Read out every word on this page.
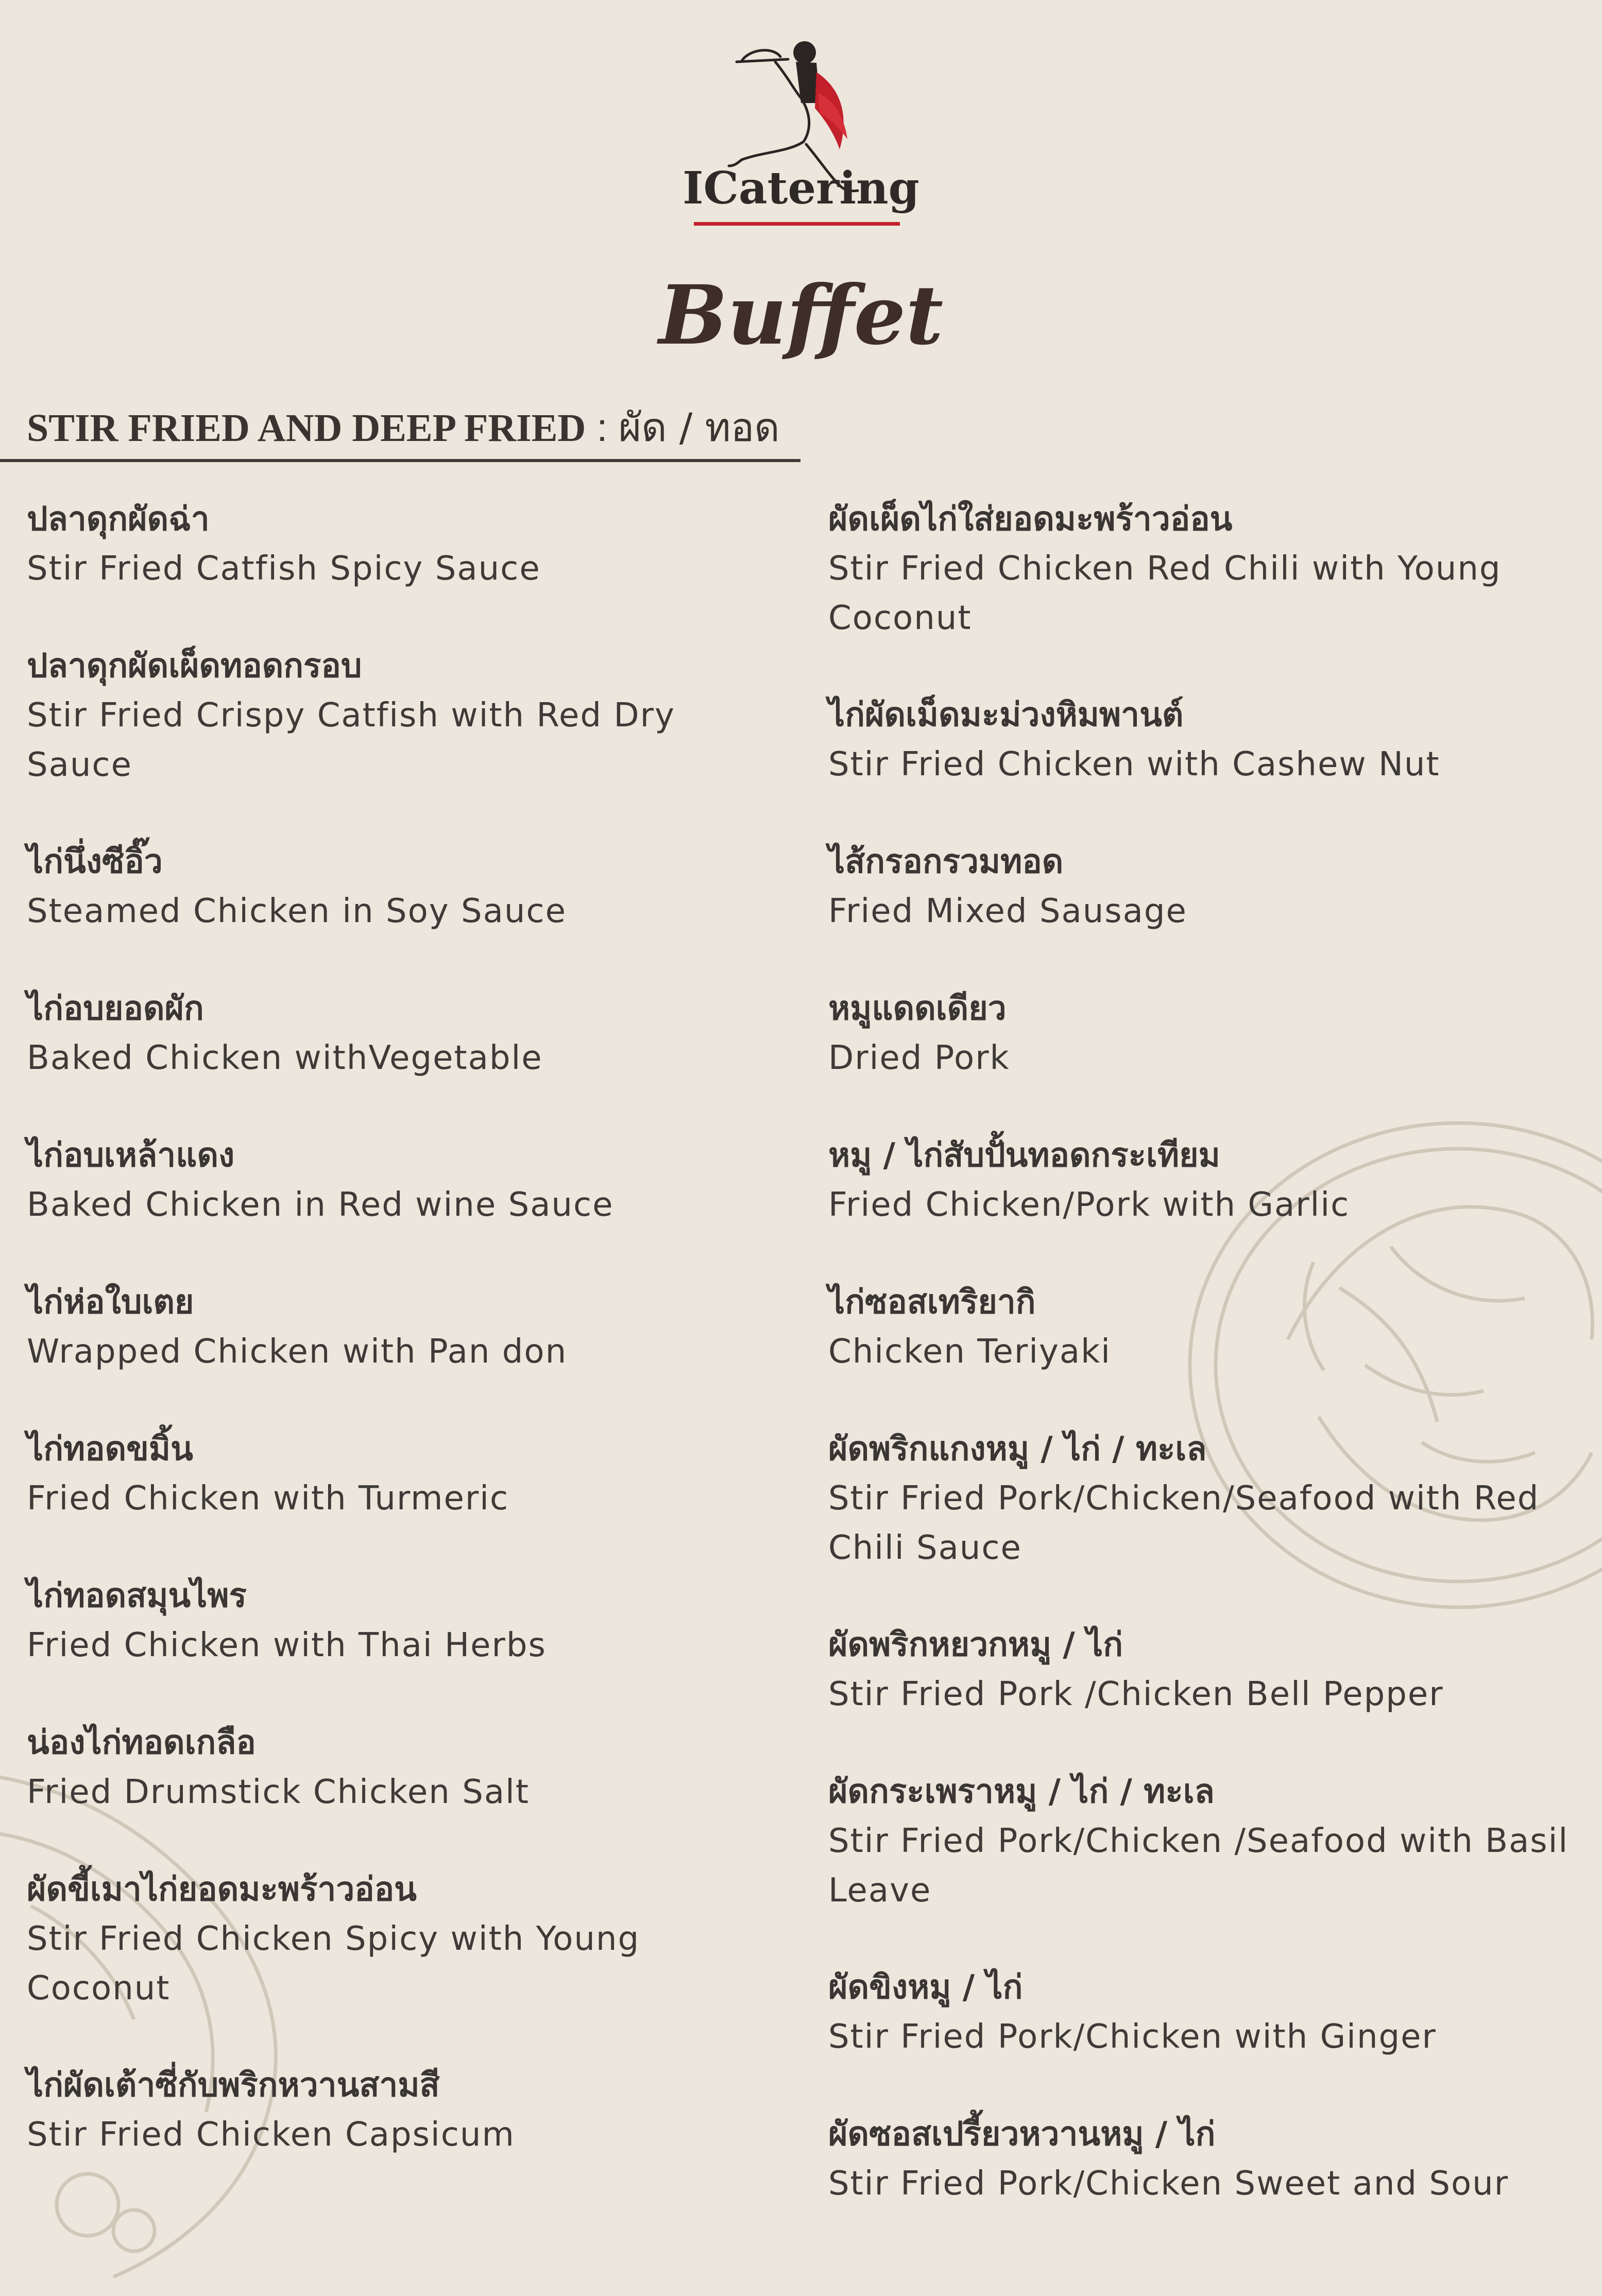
ICatering
Buffet
STIR FRIED AND DEEP FRIED : ผัด / ทอด
ปลาดุกผัดฉ่า
Stir Fried Catfish Spicy Sauce
ปลาดุกผัดเผ็ดทอดกรอบ
Stir Fried Crispy Catfish with Red Dry Sauce
ไก่นึ่งซีอิ๊ว
Steamed Chicken in Soy Sauce
ไก่อบยอดผัก
Baked Chicken withVegetable
ไก่อบเหล้าแดง
Baked Chicken in Red wine Sauce
ไก่ห่อใบเตย
Wrapped Chicken with Pan don
ไก่ทอดขมิ้น
Fried Chicken with Turmeric
ไก่ทอดสมุนไพร
Fried Chicken with Thai Herbs
น่องไก่ทอดเกลือ
Fried Drumstick Chicken Salt
ผัดขี้เมาไก่ยอดมะพร้าวอ่อน
Stir Fried Chicken Spicy with Young Coconut
ไก่ผัดเต้าซี่กับพริกหวานสามสี
Stir Fried Chicken Capsicum
ผัดเผ็ดไก่ใส่ยอดมะพร้าวอ่อน
Stir Fried Chicken Red Chili with Young Coconut
ไก่ผัดเม็ดมะม่วงหิมพานต์
Stir Fried Chicken with Cashew Nut
ไส้กรอกรวมทอด
Fried Mixed Sausage
หมูแดดเดียว
Dried Pork
หมู / ไก่สับปั้นทอดกระเทียม
Fried Chicken/Pork with Garlic
ไก่ซอสเทริยากิ
Chicken Teriyaki
ผัดพริกแกงหมู / ไก่ / ทะเล
Stir Fried Pork/Chicken/Seafood with Red Chili Sauce
ผัดพริกหยวกหมู / ไก่
Stir Fried Pork /Chicken Bell Pepper
ผัดกระเพราหมู / ไก่ / ทะเล
Stir Fried Pork/Chicken /Seafood with Basil Leave
ผัดขิงหมู / ไก่
Stir Fried Pork/Chicken with Ginger
ผัดซอสเปรี้ยวหวานหมู / ไก่
Stir Fried Pork/Chicken Sweet and Sour
